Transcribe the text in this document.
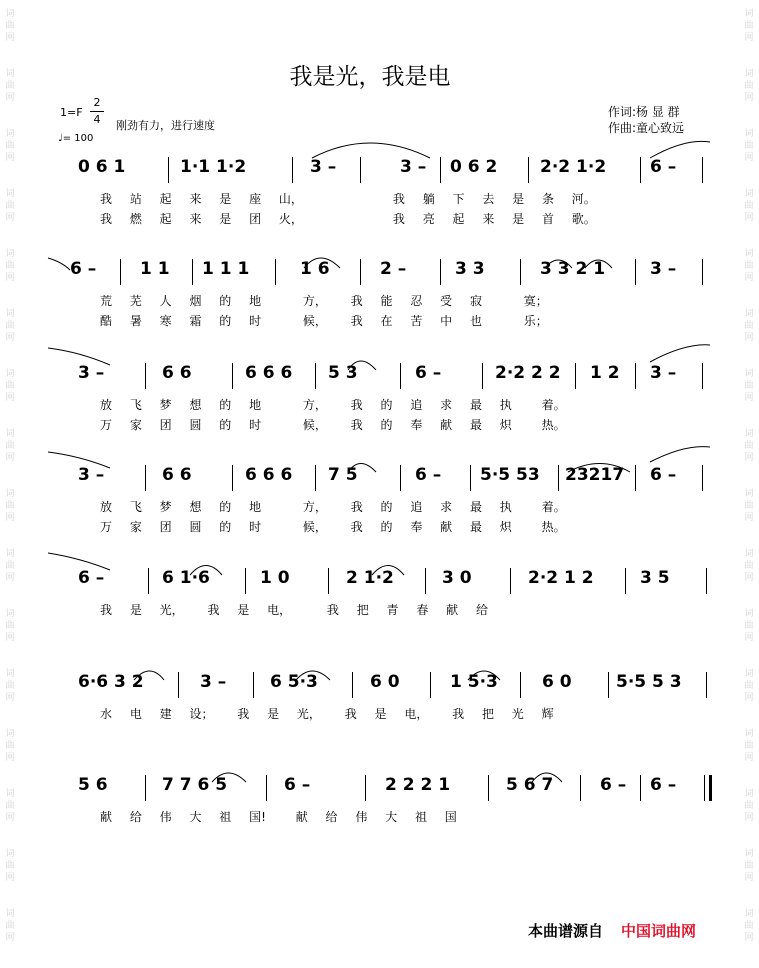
词曲网
词曲网
词曲网
词曲网
词曲网
词曲网
词曲网
词曲网
词曲网
词曲网
词曲网
词曲网
词曲网
词曲网
词曲网
词曲网
词曲网
词曲网
词曲网
词曲网
词曲网
词曲网
词曲网
词曲网
词曲网
词曲网
词曲网
词曲网
词曲网
词曲网
词曲网
词曲网
我是光，我是电
1=F
2
4	刚劲有力，进行速度
♩= 100
作词:杨 显 群
作曲:童心致远
0 6 1	1·1 1·2	3 –	3 – 0 6 2	2·2 1·2	6 –
我 站 起 来 是 座 山，　　　　　　　　我 躺 下 去 是 条 河。
我 燃 起 来 是 团 火，　　　　　　　　我 亮 起 来 是 首 歌。
6 –	1 1 1 1 1	1 6	2 –	3 3	3 3 2 1	3 –
荒 芜 人 烟 的 地　　 方，　 我 能 忍 受 寂　　 寞；
酷 暑 寒 霜 的 时　　 候，　 我 在 苦 中 也　　 乐；
3 –	6 6	6 6 6 5 3	6 –	2·2 2 2 1 2 3 –
放 飞 梦 想 的 地　　 方，　 我 的 追 求 最 执　 着。
万 家 团 圆 的 时　　 候，　 我 的 奉 献 最 炽　 热。
3 –	6 6	6 6 6 7 5	6 – 5·5 53 23217 6 –
放 飞 梦 想 的 地　　 方，　 我 的 追 求 最 执　 着。
万 家 团 圆 的 时　　 候，　 我 的 奉 献 最 炽　 热。
6 –	6 1·6	1 0	2 1·2	3 0	2·2 1 2	3 5
我 是 光，　 我 是 电，　　 我 把 青 春 献 给
6·6 3 2	3 –	6 5·3	6 0	1 5·3	6 0	5·5 5 3
水 电 建 设；　 我 是 光，　 我 是 电，　 我 把 光 辉
5 6	7 7 6 5	6 –	2 2 2 1	5 6 7	6 – 6 –
献 给 伟 大 祖 国!　 献 给 伟 大 祖 国
本曲谱源自 中国词曲网
